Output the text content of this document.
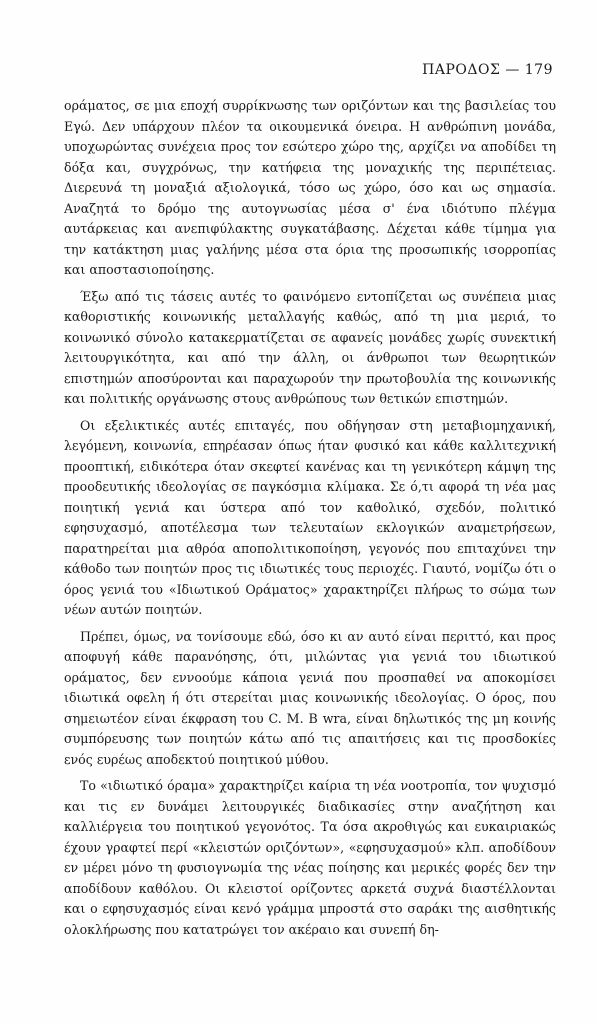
ΠΑΡΟΔΟΣ — 179

οράματος, σε μια εποχή συρρίκνωσης των οριζόντων και της βασιλείας του Εγώ. Δεν υπάρχουν πλέον τα οικουμενικά όνειρα. Η ανθρώπινη μονάδα, υποχωρώντας συνέχεια προς τον εσώτερο χώρο της, αρχίζει να αποδίδει τη δόξα και, συγχρόνως, την κατήφεια της μοναχικής της περιπέτειας. Διερευνά τη μοναξιά αξιολογικά, τόσο ως χώρο, όσο και ως σημασία. Αναζητά το δρόμο της αυτογνωσίας μέσα σ' ένα ιδιότυπο πλέγμα αυτάρκειας και ανεπιφύλακτης συγκατάβασης. Δέχεται κάθε τίμημα για την κατάκτηση μιας γαλήνης μέσα στα όρια της προσωπικής ισορροπίας και αποστασιοποίησης.

Έξω από τις τάσεις αυτές το φαινόμενο εντοπίζεται ως συνέπεια μιας καθοριστικής κοινωνικής μεταλλαγής καθώς, από τη μια μεριά, το κοινωνικό σύνολο κατακερματίζεται σε αφανείς μονάδες χωρίς συνεκτική λειτουργικότητα, και από την άλλη, οι άνθρωποι των θεωρητικών επιστημών αποσύρονται και παραχωρούν την πρωτοβουλία της κοινωνικής και πολιτικής οργάνωσης στους ανθρώπους των θετικών επιστημών.

Οι εξελικτικές αυτές επιταγές, που οδήγησαν στη μεταβιομηχανική, λεγόμενη, κοινωνία, επηρέασαν όπως ήταν φυσικό και κάθε καλλιτεχνική προοπτική, ειδικότερα όταν σκεφτεί κανένας και τη γενικότερη κάμψη της προοδευτικής ιδεολογίας σε παγκόσμια κλίμακα. Σε ό,τι αφορά τη νέα μας ποιητική γενιά και ύστερα από τον καθολικό, σχεδόν, πολιτικό εφησυχασμό, αποτέλεσμα των τελευταίων εκλογικών αναμετρήσεων, παρατηρείται μια αθρόα αποπολιτικοποίηση, γεγονός που επιταχύνει την κάθοδο των ποιητών προς τις ιδιωτικές τους περιοχές. Γιαυτό, νομίζω ότι ο όρος γενιά του «Ιδιωτικού Οράματος» χαρακτηρίζει πλήρως το σώμα των νέων αυτών ποιητών.

Πρέπει, όμως, να τονίσουμε εδώ, όσο κι αν αυτό είναι περιττό, και προς αποφυγή κάθε παρανόησης, ότι, μιλώντας για γενιά του ιδιωτικού οράματος, δεν εννοούμε κάποια γενιά που προσπαθεί να αποκομίσει ιδιωτικά οφελη ή ότι στερείται μιας κοινωνικής ιδεολογίας. Ο όρος, που σημειωτέον είναι έκφραση του C. M. B wra, είναι δηλωτικός της μη κοινής συμπόρευσης των ποιητών κάτω από τις απαιτήσεις και τις προσδοκίες ενός ευρέως αποδεκτού ποιητικού μύθου.

Το «ιδιωτικό όραμα» χαρακτηρίζει καίρια τη νέα νοοτροπία, τον ψυχισμό και τις εν δυνάμει λειτουργικές διαδικασίες στην αναζήτηση και καλλιέργεια του ποιητικού γεγονότος. Τα όσα ακροθιγώς και ευκαιριακώς έχουν γραφτεί περί «κλειστών οριζόντων», «εφησυχασμού» κλπ. αποδίδουν εν μέρει μόνο τη φυσιογνωμία της νέας ποίησης και μερικές φορές δεν την αποδίδουν καθόλου. Οι κλειστοί ορίζοντες αρκετά συχνά διαστέλλονται και ο εφησυχασμός είναι κενό γράμμα μπροστά στο σαράκι της αισθητικής ολοκλήρωσης που κατατρώγει τον ακέραιο και συνεπή δη-
